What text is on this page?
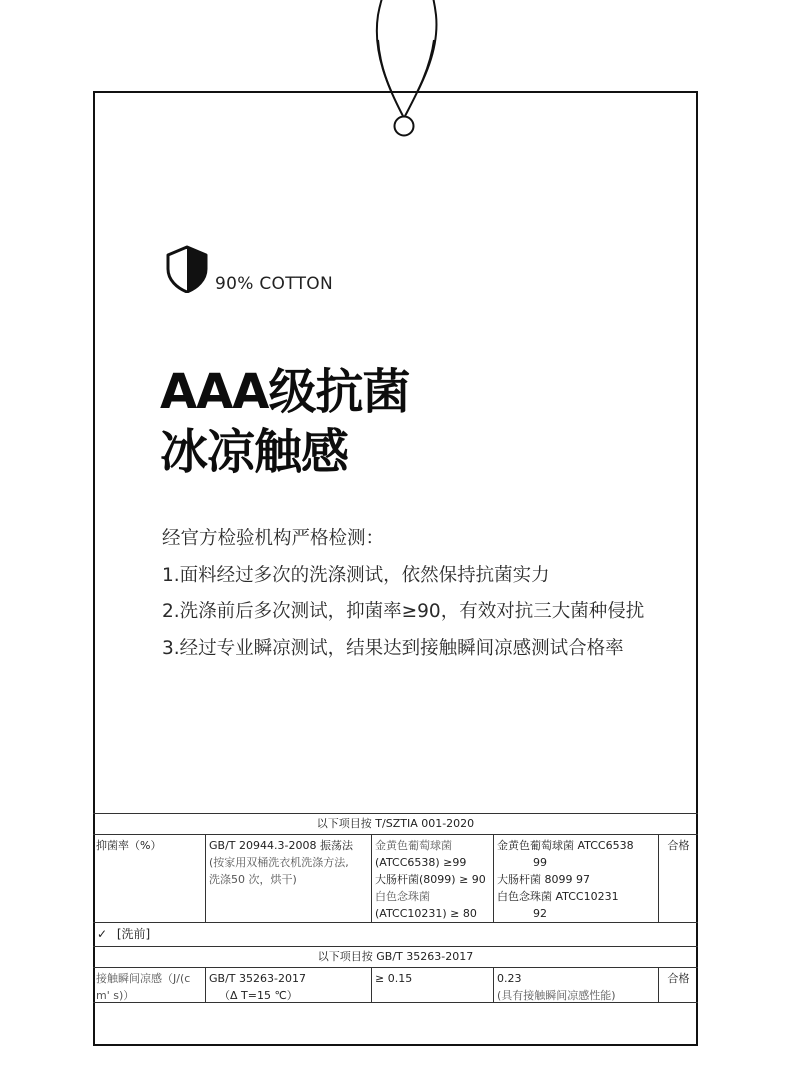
90% COTTON
AAA级抗菌
冰凉触感
经官方检验机构严格检测：
1.面料经过多次的洗涤测试，依然保持抗菌实力
2.洗涤前后多次测试，抑菌率≥90，有效对抗三大菌种侵扰
3.经过专业瞬凉测试，结果达到接触瞬间凉感测试合格率
以下项目按 T/SZTIA 001-2020
抑菌率（%）	GB/T 20944.3-2008 振荡法
(按家用双桶洗衣机洗涤方法,
洗涤50 次，烘干)
金黄色葡萄球菌
(ATCC6538) ≥99
大肠杆菌(8099) ≥ 90
白色念珠菌
(ATCC10231) ≥ 80
金黄色葡萄球菌 ATCC6538
99
大肠杆菌 8099 97
白色念珠菌 ATCC10231
92
合格
✓ [洗前]
以下项目按 GB/T 35263-2017
接触瞬间凉感（J/(c
m' s)）
GB/T 35263-2017
（Δ T=15 ℃）
≥ 0.15	0.23
(具有接触瞬间凉感性能)
合格
